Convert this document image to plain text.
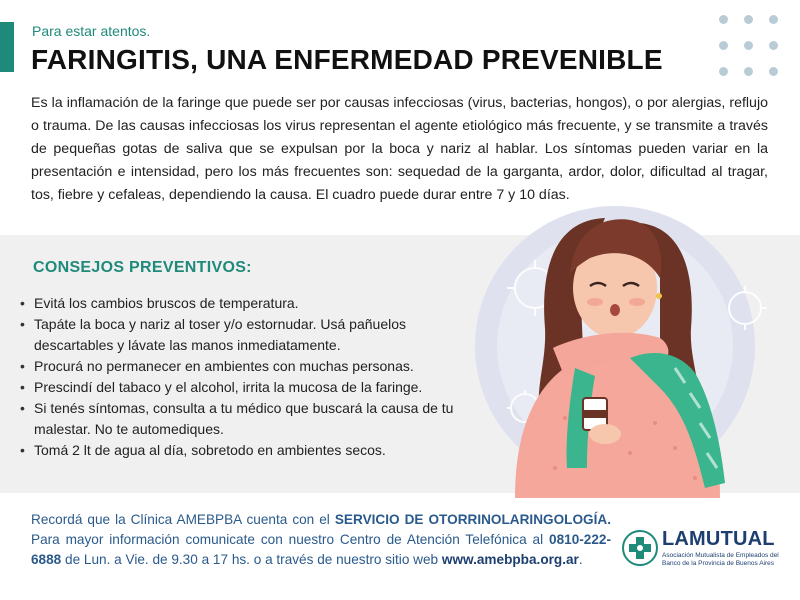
Para estar atentos.
FARINGITIS, UNA ENFERMEDAD PREVENIBLE

Es la inflamación de la faringe que puede ser por causas infecciosas (virus, bacterias, hongos), o por alergias, reflujo o trauma. De las causas infecciosas los virus representan el agente etiológico más frecuente, y se transmite a través de pequeñas gotas de saliva que se expulsan por la boca y nariz al hablar. Los síntomas pueden variar en la presentación e intensidad, pero los más frecuentes son: sequedad de la garganta, ardor, dolor, dificultad al tragar, tos, fiebre y cefaleas, dependiendo la causa. El cuadro puede durar entre 7 y 10 días.

CONSEJOS PREVENTIVOS:
• Evitá los cambios bruscos de temperatura.
• Tapáte la boca y nariz al toser y/o estornudar. Usá pañuelos descartables y lávate las manos inmediatamente.
• Procurá no permanecer en ambientes con muchas personas.
• Prescindí del tabaco y el alcohol, irrita la mucosa de la faringe.
• Si tenés síntomas, consulta a tu médico que buscará la causa de tu malestar. No te automediques.
• Tomá 2 lt de agua al día, sobretodo en ambientes secos.

Recordá que la Clínica AMEBPBA cuenta con el SERVICIO DE OTORRINOLARINGOLOGÍA. Para mayor información comunicate con nuestro Centro de Atención Telefónica al 0810-222-6888 de Lun. a Vie. de 9.30 a 17 hs. o a través de nuestro sitio web www.amebpba.org.ar.

LAMUTUAL
Asociación Mutualista de Empleados del Banco de la Provincia de Buenos Aires
